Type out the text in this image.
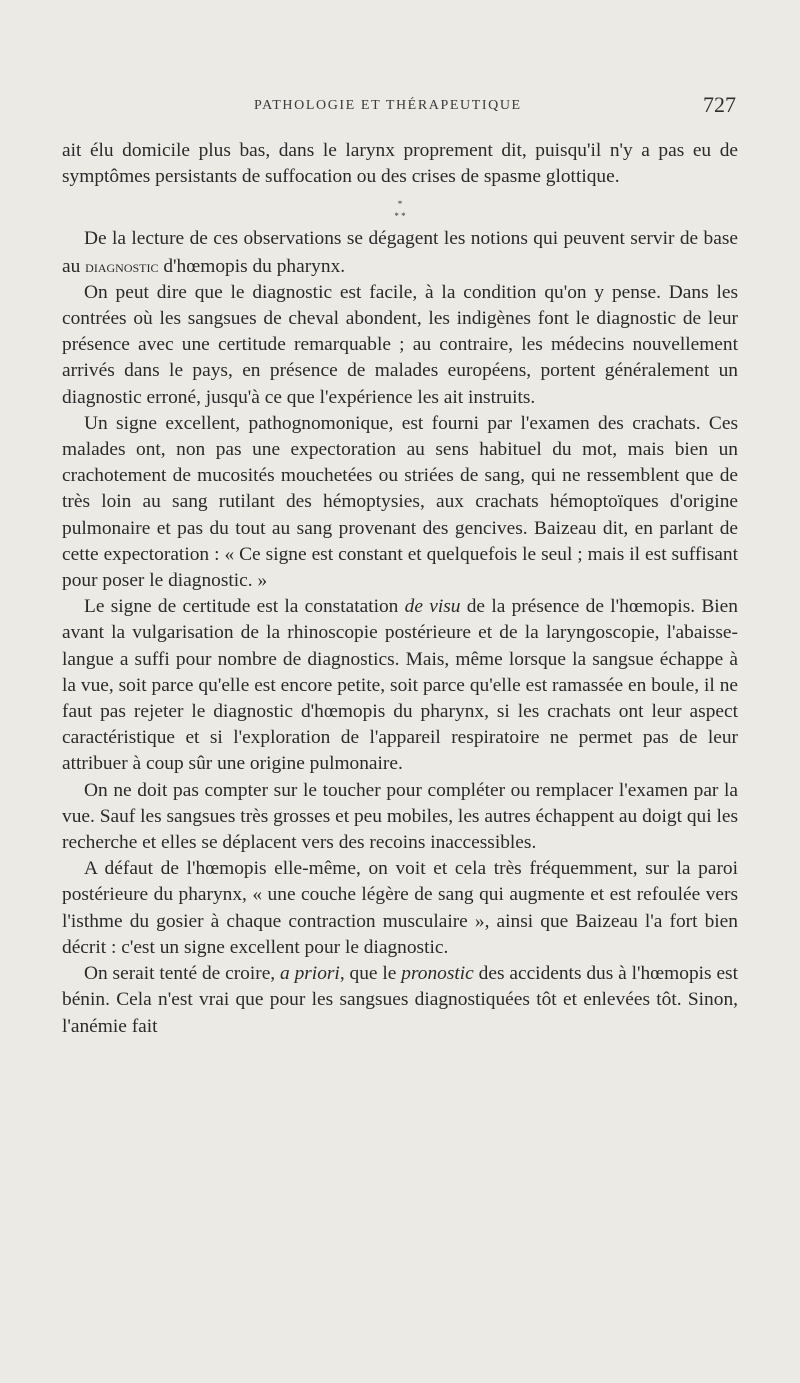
PATHOLOGIE ET THÉRAPEUTIQUE	727

ait élu domicile plus bas, dans le larynx proprement dit, puisqu'il n'y a pas eu de symptômes persistants de suffocation ou des crises de spasme glottique.

*
* *

De la lecture de ces observations se dégagent les notions qui peuvent servir de base au diagnostic d'hœmopis du pharynx.

On peut dire que le diagnostic est facile, à la condition qu'on y pense. Dans les contrées où les sangsues de cheval abondent, les indigènes font le diagnostic de leur présence avec une certitude remarquable ; au contraire, les médecins nouvellement arrivés dans le pays, en présence de malades européens, portent généralement un diagnostic erroné, jusqu'à ce que l'expérience les ait instruits.

Un signe excellent, pathognomonique, est fourni par l'examen des crachats. Ces malades ont, non pas une expectoration au sens habituel du mot, mais bien un crachotement de mucosités mouchetées ou striées de sang, qui ne ressemblent que de très loin au sang rutilant des hémoptysies, aux crachats hémoptoïques d'origine pulmonaire et pas du tout au sang provenant des gencives. Baizeau dit, en parlant de cette expectoration : « Ce signe est constant et quelquefois le seul ; mais il est suffisant pour poser le diagnostic. »

Le signe de certitude est la constatation de visu de la présence de l'hœmopis. Bien avant la vulgarisation de la rhinoscopie postérieure et de la laryngoscopie, l'abaisse-langue a suffi pour nombre de diagnostics. Mais, même lorsque la sangsue échappe à la vue, soit parce qu'elle est encore petite, soit parce qu'elle est ramassée en boule, il ne faut pas rejeter le diagnostic d'hœmopis du pharynx, si les crachats ont leur aspect caractéristique et si l'exploration de l'appareil respiratoire ne permet pas de leur attribuer à coup sûr une origine pulmonaire.

On ne doit pas compter sur le toucher pour compléter ou remplacer l'examen par la vue. Sauf les sangsues très grosses et peu mobiles, les autres échappent au doigt qui les recherche et elles se déplacent vers des recoins inaccessibles.

A défaut de l'hœmopis elle-même, on voit et cela très fréquemment, sur la paroi postérieure du pharynx, « une couche légère de sang qui augmente et est refoulée vers l'isthme du gosier à chaque contraction musculaire », ainsi que Baizeau l'a fort bien décrit : c'est un signe excellent pour le diagnostic.

On serait tenté de croire, a priori, que le pronostic des accidents dus à l'hœmopis est bénin. Cela n'est vrai que pour les sangsues diagnostiquées tôt et enlevées tôt. Sinon, l'anémie fait
